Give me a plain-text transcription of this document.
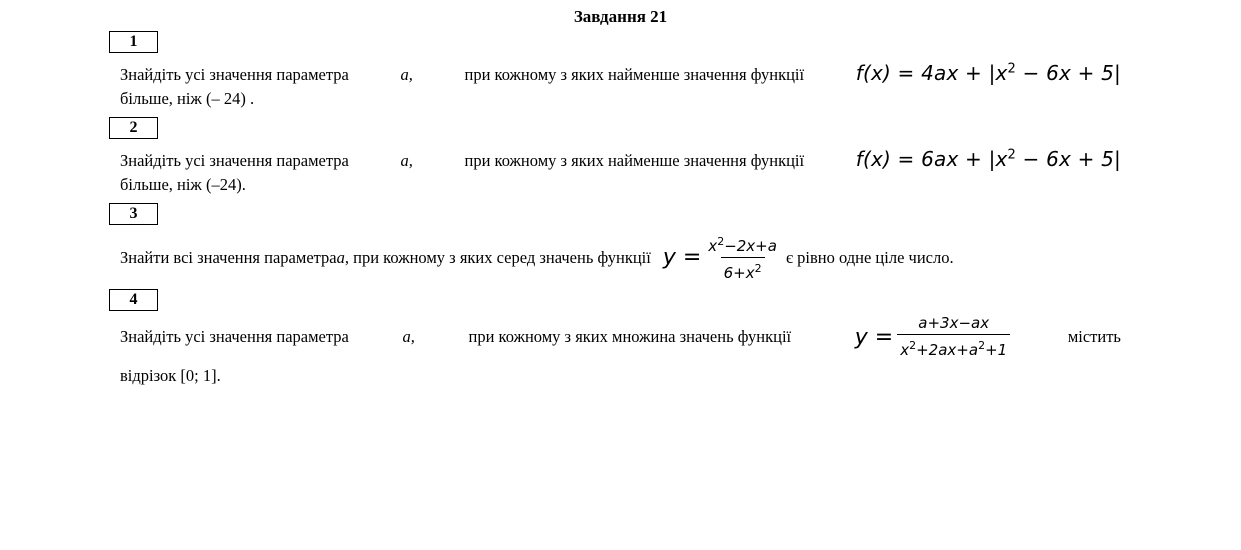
Завдання 21
1
Знайдіть усі значення параметра	a,	при кожному з яких найменше значення функції	$f(x) = 4ax + |x^2 - 6x + 5|$
більше, ніж (– 24) .
2
Знайдіть усі значення параметра	a,	при кожному з яких найменше значення функції	$f(x) = 6ax + |x^2 - 6x + 5|$
більше, ніж (–24).
3
Знайти всі значення параметра a , при кожному з яких серед значень функції $y = \frac{x^2-2x+a}{6+x^2}$ є рівно одне ціле число.
4
Знайдіть усі значення параметра	a,	при кожному з яких множина значень функції	$y = \frac{a+3x-ax}{x^2+2ax+a^2+1}$	містить
відрізок [0; 1].
